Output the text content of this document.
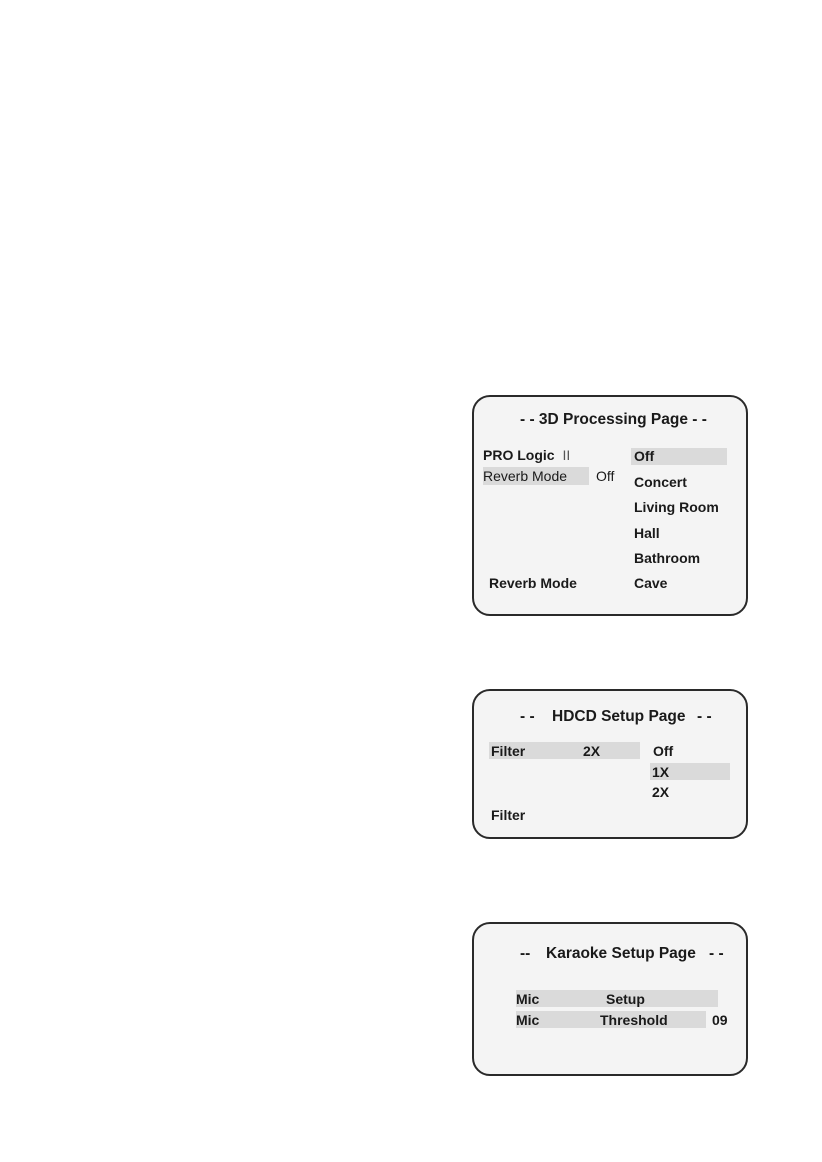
- - 3D Processing Page - -
PRO Logic II
Reverb Mode Off
Off
Concert
Living Room
Hall
Bathroom
Cave
Reverb Mode
- - HDCD Setup Page - -
Filter	2X	Off
1X
2X
Filter
-- Karaoke Setup Page - -
Mic	Setup
Mic	Threshold	09
